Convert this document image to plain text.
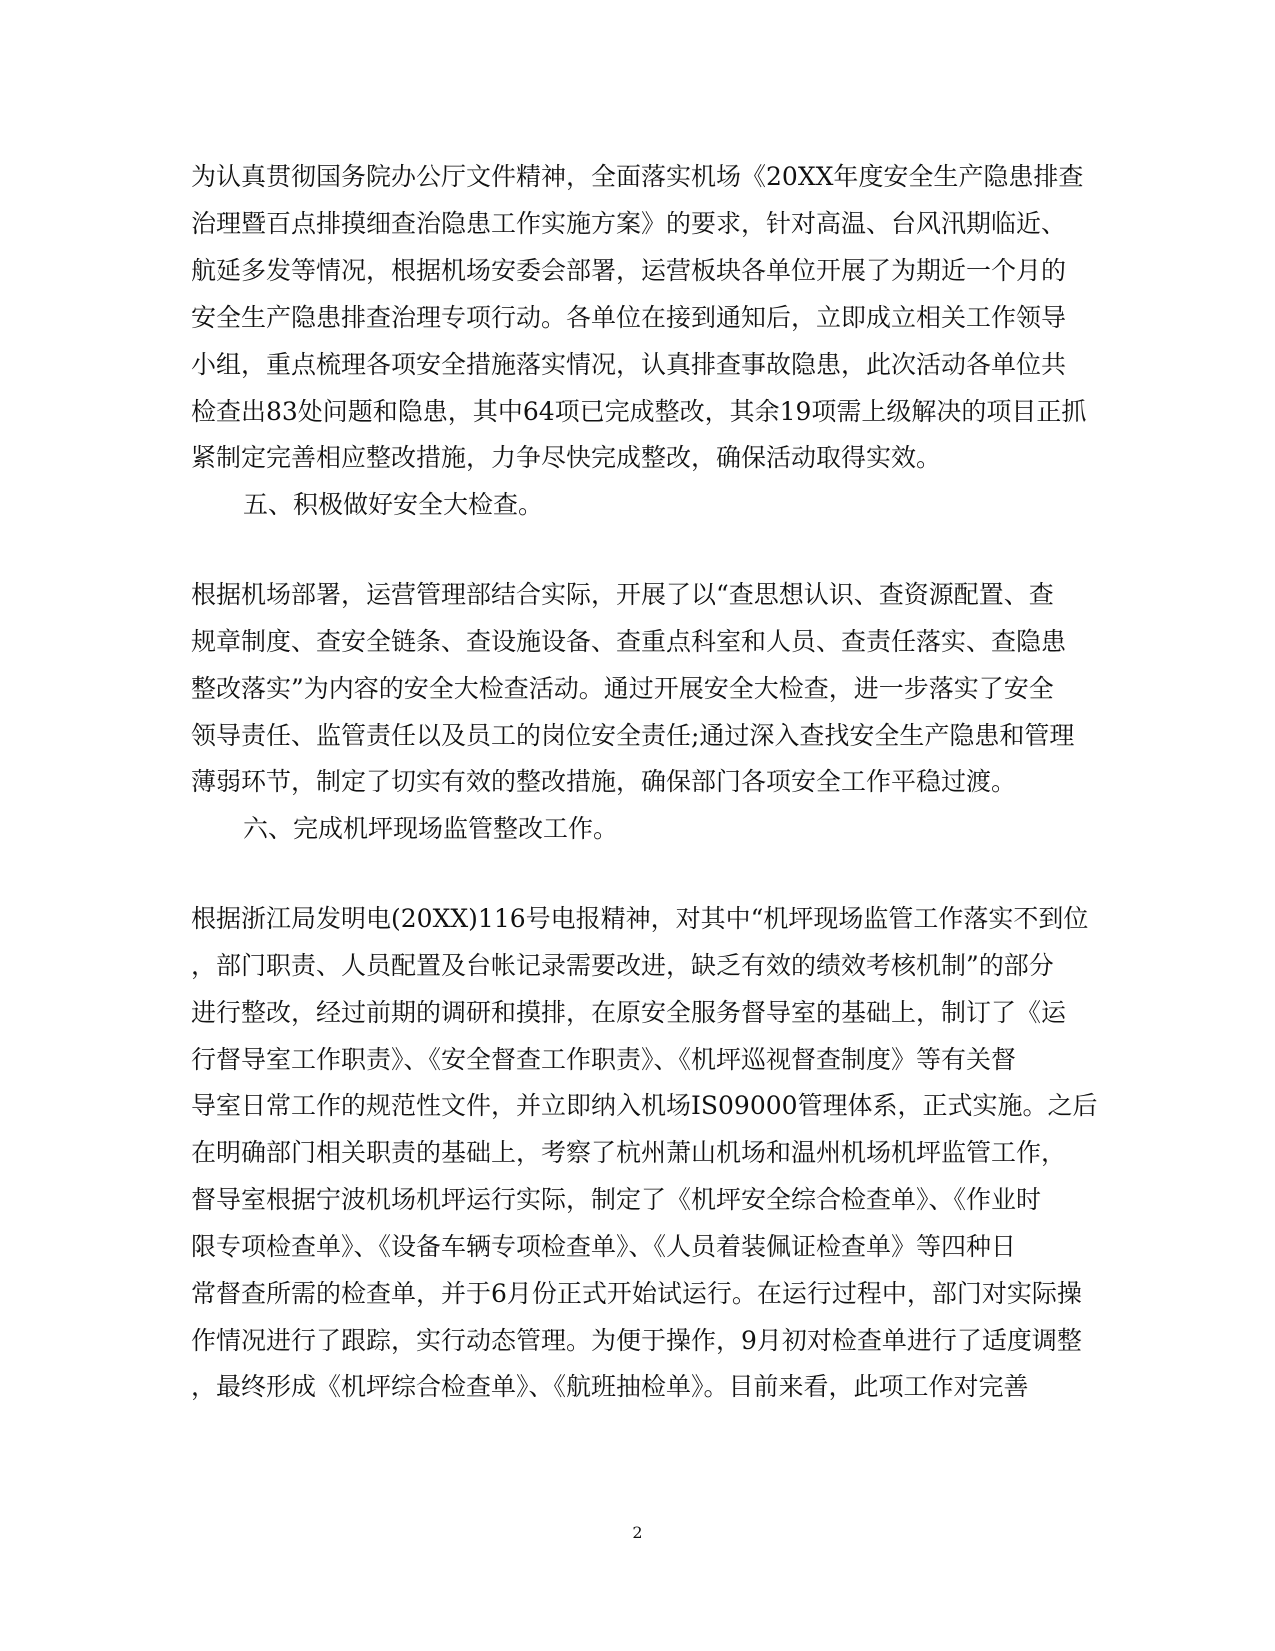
为认真贯彻国务院办公厅文件精神，全面落实机场《20XX年度安全生产隐患排查
治理暨百点排摸细查治隐患工作实施方案》的要求，针对高温、台风汛期临近、
航延多发等情况，根据机场安委会部署，运营板块各单位开展了为期近一个月的
安全生产隐患排查治理专项行动。各单位在接到通知后，立即成立相关工作领导
小组，重点梳理各项安全措施落实情况，认真排查事故隐患，此次活动各单位共
检查出83处问题和隐患，其中64项已完成整改，其余19项需上级解决的项目正抓
紧制定完善相应整改措施，力争尽快完成整改，确保活动取得实效。
五、积极做好安全大检查。
根据机场部署，运营管理部结合实际，开展了以“查思想认识、查资源配置、查
规章制度、查安全链条、查设施设备、查重点科室和人员、查责任落实、查隐患
整改落实”为内容的安全大检查活动。通过开展安全大检查，进一步落实了安全
领导责任、监管责任以及员工的岗位安全责任;通过深入查找安全生产隐患和管理
薄弱环节，制定了切实有效的整改措施，确保部门各项安全工作平稳过渡。
六、完成机坪现场监管整改工作。
根据浙江局发明电(20XX)116号电报精神，对其中“机坪现场监管工作落实不到位
，部门职责、人员配置及台帐记录需要改进，缺乏有效的绩效考核机制”的部分
进行整改，经过前期的调研和摸排，在原安全服务督导室的基础上，制订了《运
行督导室工作职责》、《安全督查工作职责》、《机坪巡视督查制度》等有关督
导室日常工作的规范性文件，并立即纳入机场IS09000管理体系，正式实施。之后
在明确部门相关职责的基础上，考察了杭州萧山机场和温州机场机坪监管工作，
督导室根据宁波机场机坪运行实际，制定了《机坪安全综合检查单》、《作业时
限专项检查单》、《设备车辆专项检查单》、《人员着装佩证检查单》等四种日
常督查所需的检查单，并于6月份正式开始试运行。在运行过程中，部门对实际操
作情况进行了跟踪，实行动态管理。为便于操作，9月初对检查单进行了适度调整
，最终形成《机坪综合检查单》、《航班抽检单》。目前来看，此项工作对完善
2
